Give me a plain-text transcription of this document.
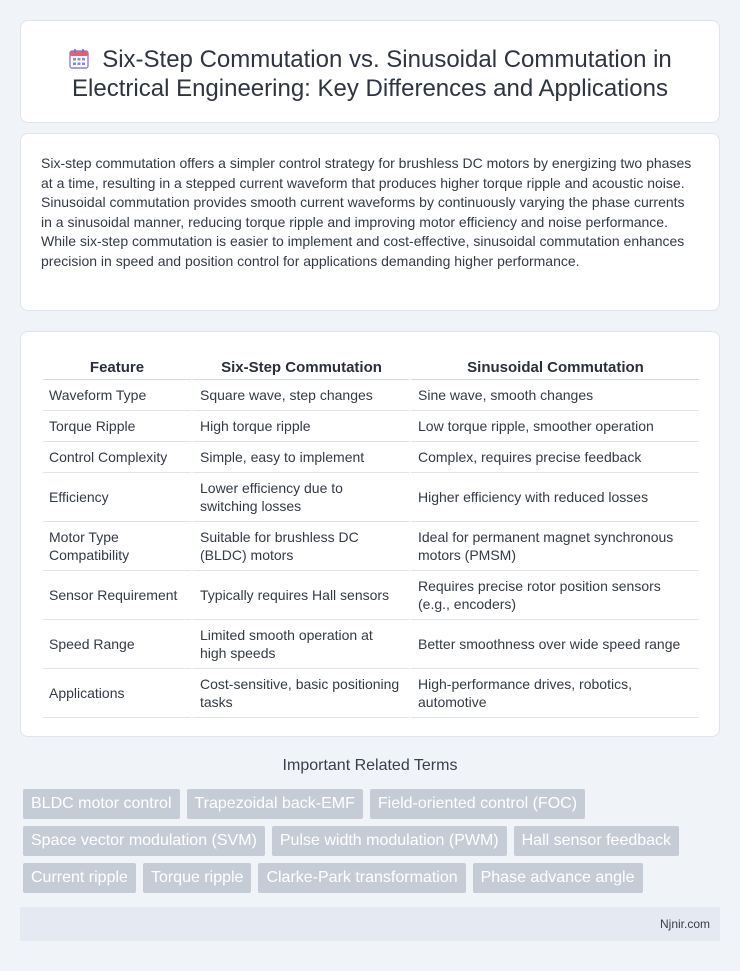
Six-Step Commutation vs. Sinusoidal Commutation in Electrical Engineering: Key Differences and Applications

Six-step commutation offers a simpler control strategy for brushless DC motors by energizing two phases at a time, resulting in a stepped current waveform that produces higher torque ripple and acoustic noise. Sinusoidal commutation provides smooth current waveforms by continuously varying the phase currents in a sinusoidal manner, reducing torque ripple and improving motor efficiency and noise performance. While six-step commutation is easier to implement and cost-effective, sinusoidal commutation enhances precision in speed and position control for applications demanding higher performance.

Feature	Six-Step Commutation	Sinusoidal Commutation
Waveform Type	Square wave, step changes	Sine wave, smooth changes
Torque Ripple	High torque ripple	Low torque ripple, smoother operation
Control Complexity	Simple, easy to implement	Complex, requires precise feedback
Efficiency	Lower efficiency due to switching losses	Higher efficiency with reduced losses
Motor Type Compatibility	Suitable for brushless DC (BLDC) motors	Ideal for permanent magnet synchronous motors (PMSM)
Sensor Requirement	Typically requires Hall sensors	Requires precise rotor position sensors (e.g., encoders)
Speed Range	Limited smooth operation at high speeds	Better smoothness over wide speed range
Applications	Cost-sensitive, basic positioning tasks	High-performance drives, robotics, automotive
Important Related Terms
BLDC motor control	Trapezoidal back-EMF	Field-oriented control (FOC)
Space vector modulation (SVM)	Pulse width modulation (PWM)	Hall sensor feedback
Current ripple	Torque ripple	Clarke-Park transformation	Phase advance angle
Njnir.com
